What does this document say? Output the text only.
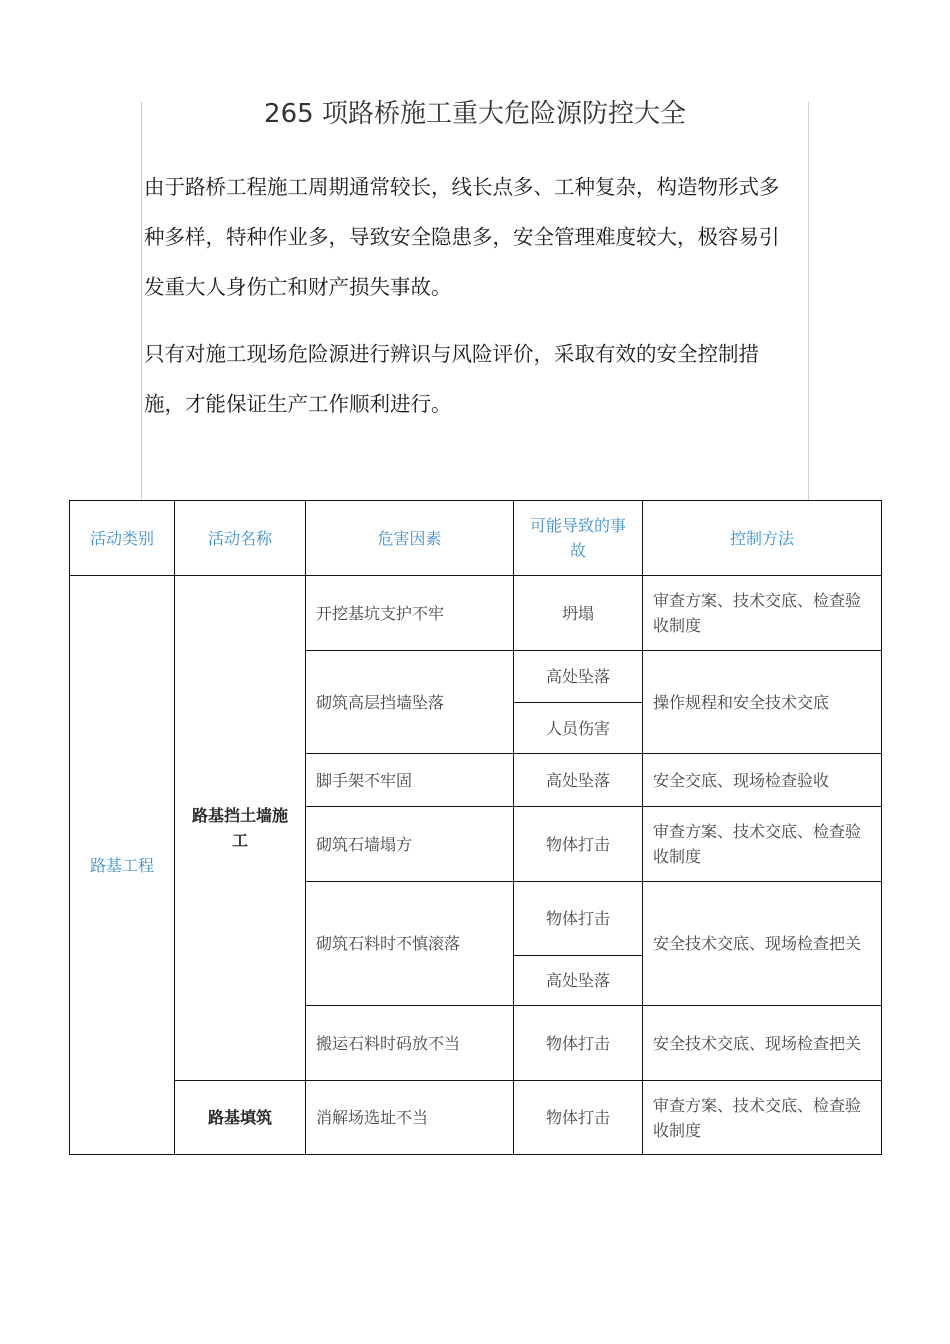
265 项路桥施工重大危险源防控大全

由于路桥工程施工周期通常较长，线长点多、工种复杂，构造物形式多种多样，特种作业多，导致安全隐患多，安全管理难度较大，极容易引发重大人身伤亡和财产损失事故。

只有对施工现场危险源进行辨识与风险评价，采取有效的安全控制措施，才能保证生产工作顺利进行。

活动类别	活动名称	危害因素	可能导致的事故	控制方法
路基工程	路基挡土墙施工	开挖基坑支护不牢	坍塌	审查方案、技术交底、检查验收制度
		砌筑高层挡墙坠落	高处坠落	操作规程和安全技术交底
			人员伤害	
		脚手架不牢固	高处坠落	安全交底、现场检查验收
		砌筑石墙塌方	物体打击	审查方案、技术交底、检查验收制度
		砌筑石料时不慎滚落	物体打击	安全技术交底、现场检查把关
			高处坠落	
		搬运石料时码放不当	物体打击	安全技术交底、现场检查把关

	路基填筑	消解场选址不当	物体打击	审查方案、技术交底、检查验收制度
